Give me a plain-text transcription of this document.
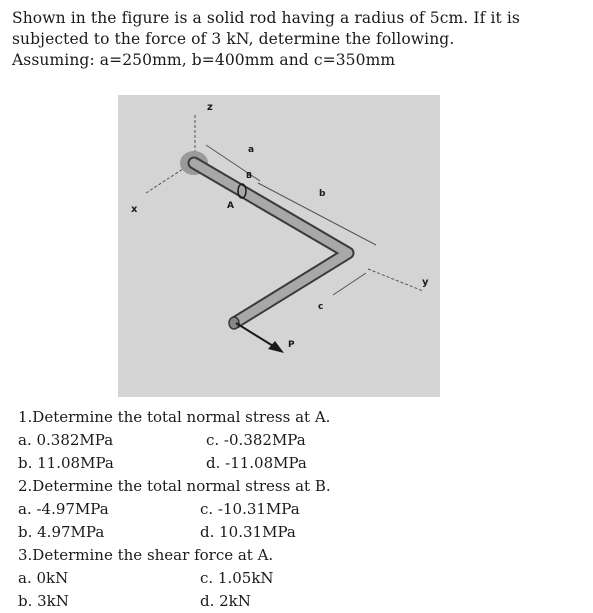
Shown in the figure is a solid rod having a radius of 5cm. If it is
subjected to the force of 3 kN, determine the following.
Assuming: a=250mm, b=400mm and c=350mm
z
x
y
a
b
c
A
B
P
1.Determine the total normal stress at A.
a. 0.382MPa	c. -0.382MPa
b. 11.08MPa	d. -11.08MPa
2.Determine the total normal stress at B.
a. -4.97MPa	c. -10.31MPa
b. 4.97MPa	d. 10.31MPa
3.Determine the shear force at A.
a. 0kN	c. 1.05kN
b. 3kN	d. 2kN
